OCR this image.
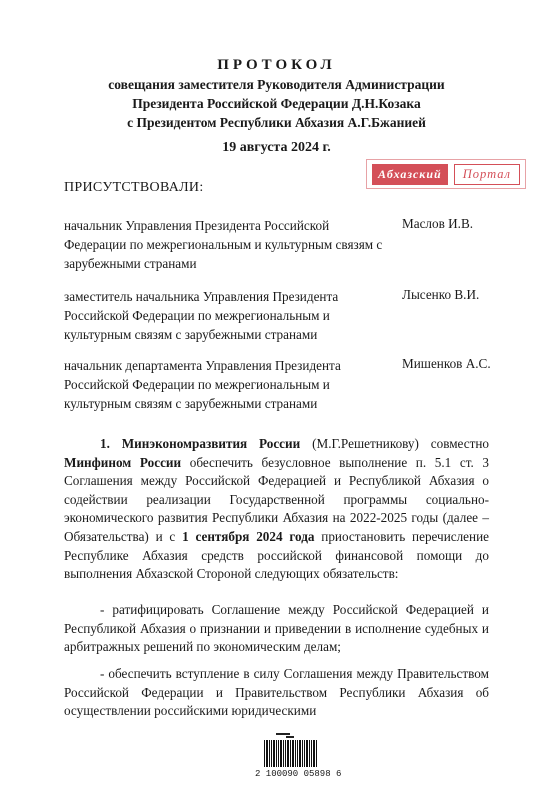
ПРОТОКОЛ
совещания заместителя Руководителя Администрации
Президента Российской Федерации Д.Н.Козака
с Президентом Республики Абхазия А.Г.Бжанией
19 августа 2024 г.
Абхазский	Портал
ПРИСУТСТВОВАЛИ:
начальник Управления Президента Российской Федерации по межрегиональным и культурным связям с зарубежными странами
Маслов И.В.
заместитель начальника Управления Президента Российской Федерации по межрегиональным и культурным связям с зарубежными странами
Лысенко В.И.
начальник департамента Управления Президента Российской Федерации по межрегиональным и культурным связям с зарубежными странами
Мишенков А.С.
1. Минэкономразвития России (М.Г.Решетникову) совместно Минфином России обеспечить безусловное выполнение п. 5.1 ст. 3 Соглашения между Российской Федерацией и Республикой Абхазия о содействии реализации Государственной программы социально-экономического развития Республики Абхазия на 2022-2025 годы (далее – Обязательства) и с 1 сентября 2024 года приостановить перечисление Республике Абхазия средств российской финансовой помощи до выполнения Абхазской Стороной следующих обязательств:
- ратифицировать Соглашение между Российской Федерацией и Республикой Абхазия о признании и приведении в исполнение судебных и арбитражных решений по экономическим делам;
- обеспечить вступление в силу Соглашения между Правительством Российской Федерации и Правительством Республики Абхазия об осуществлении российскими юридическими
2 100090 05898 6
